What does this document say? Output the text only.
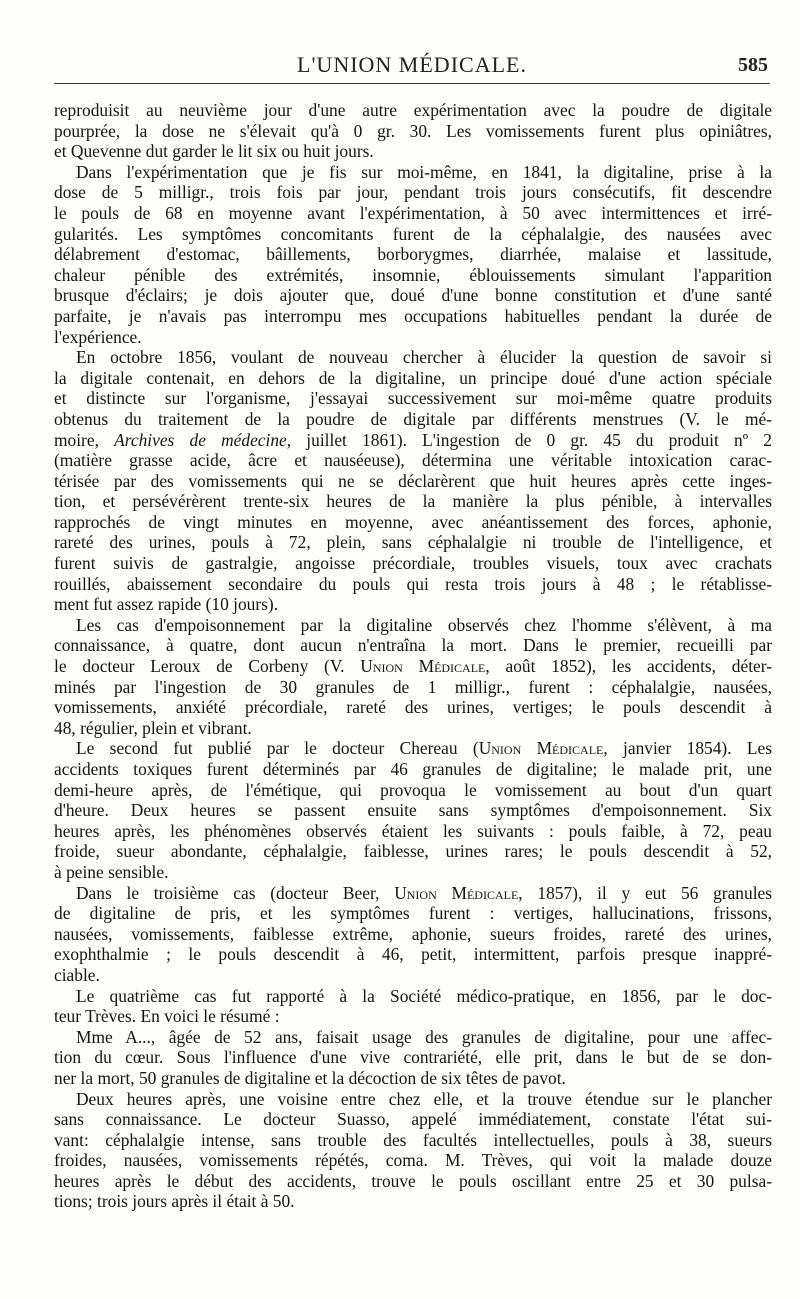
L'UNION MÉDICALE.	585
reproduisit au neuvième jour d'une autre expérimentation avec la poudre de digitale
pourprée, la dose ne s'élevait qu'à 0 gr. 30. Les vomissements furent plus opiniâtres,
et Quevenne dut garder le lit six ou huit jours.
Dans l'expérimentation que je fis sur moi-même, en 1841, la digitaline, prise à la
dose de 5 milligr., trois fois par jour, pendant trois jours consécutifs, fit descendre
le pouls de 68 en moyenne avant l'expérimentation, à 50 avec intermittences et irré-
gularités. Les symptômes concomitants furent de la céphalalgie, des nausées avec
délabrement d'estomac, bâillements, borborygmes, diarrhée, malaise et lassitude,
chaleur pénible des extrémités, insomnie, éblouissements simulant l'apparition
brusque d'éclairs; je dois ajouter que, doué d'une bonne constitution et d'une santé
parfaite, je n'avais pas interrompu mes occupations habituelles pendant la durée de
l'expérience.
En octobre 1856, voulant de nouveau chercher à élucider la question de savoir si
la digitale contenait, en dehors de la digitaline, un principe doué d'une action spéciale
et distincte sur l'organisme, j'essayai successivement sur moi-même quatre produits
obtenus du traitement de la poudre de digitale par différents menstrues (V. le mé-
moire, Archives de médecine, juillet 1861). L'ingestion de 0 gr. 45 du produit nº 2
(matière grasse acide, âcre et nauséeuse), détermina une véritable intoxication carac-
térisée par des vomissements qui ne se déclarèrent que huit heures après cette inges-
tion, et persévérèrent trente-six heures de la manière la plus pénible, à intervalles
rapprochés de vingt minutes en moyenne, avec anéantissement des forces, aphonie,
rareté des urines, pouls à 72, plein, sans céphalalgie ni trouble de l'intelligence, et
furent suivis de gastralgie, angoisse précordiale, troubles visuels, toux avec crachats
rouillés, abaissement secondaire du pouls qui resta trois jours à 48 ; le rétablisse-
ment fut assez rapide (10 jours).
Les cas d'empoisonnement par la digitaline observés chez l'homme s'élèvent, à ma
connaissance, à quatre, dont aucun n'entraîna la mort. Dans le premier, recueilli par
le docteur Leroux de Corbeny (V. Union Médicale, août 1852), les accidents, déter-
minés par l'ingestion de 30 granules de 1 milligr., furent : céphalalgie, nausées,
vomissements, anxiété précordiale, rareté des urines, vertiges; le pouls descendit à
48, régulier, plein et vibrant.
Le second fut publié par le docteur Chereau (Union Médicale, janvier 1854). Les
accidents toxiques furent déterminés par 46 granules de digitaline; le malade prit, une
demi-heure après, de l'émétique, qui provoqua le vomissement au bout d'un quart
d'heure. Deux heures se passent ensuite sans symptômes d'empoisonnement. Six
heures après, les phénomènes observés étaient les suivants : pouls faible, à 72, peau
froide, sueur abondante, céphalalgie, faiblesse, urines rares; le pouls descendit à 52,
à peine sensible.
Dans le troisième cas (docteur Beer, Union Médicale, 1857), il y eut 56 granules
de digitaline de pris, et les symptômes furent : vertiges, hallucinations, frissons,
nausées, vomissements, faiblesse extrême, aphonie, sueurs froides, rareté des urines,
exophthalmie ; le pouls descendit à 46, petit, intermittent, parfois presque inappré-
ciable.
Le quatrième cas fut rapporté à la Société médico-pratique, en 1856, par le doc-
teur Trèves. En voici le résumé :
Mme A..., âgée de 52 ans, faisait usage des granules de digitaline, pour une affec-
tion du cœur. Sous l'influence d'une vive contrariété, elle prit, dans le but de se don-
ner la mort, 50 granules de digitaline et la décoction de six têtes de pavot.
Deux heures après, une voisine entre chez elle, et la trouve étendue sur le plancher
sans connaissance. Le docteur Suasso, appelé immédiatement, constate l'état sui-
vant: céphalalgie intense, sans trouble des facultés intellectuelles, pouls à 38, sueurs
froides, nausées, vomissements répétés, coma. M. Trèves, qui voit la malade douze
heures après le début des accidents, trouve le pouls oscillant entre 25 et 30 pulsa-
tions; trois jours après il était à 50.
